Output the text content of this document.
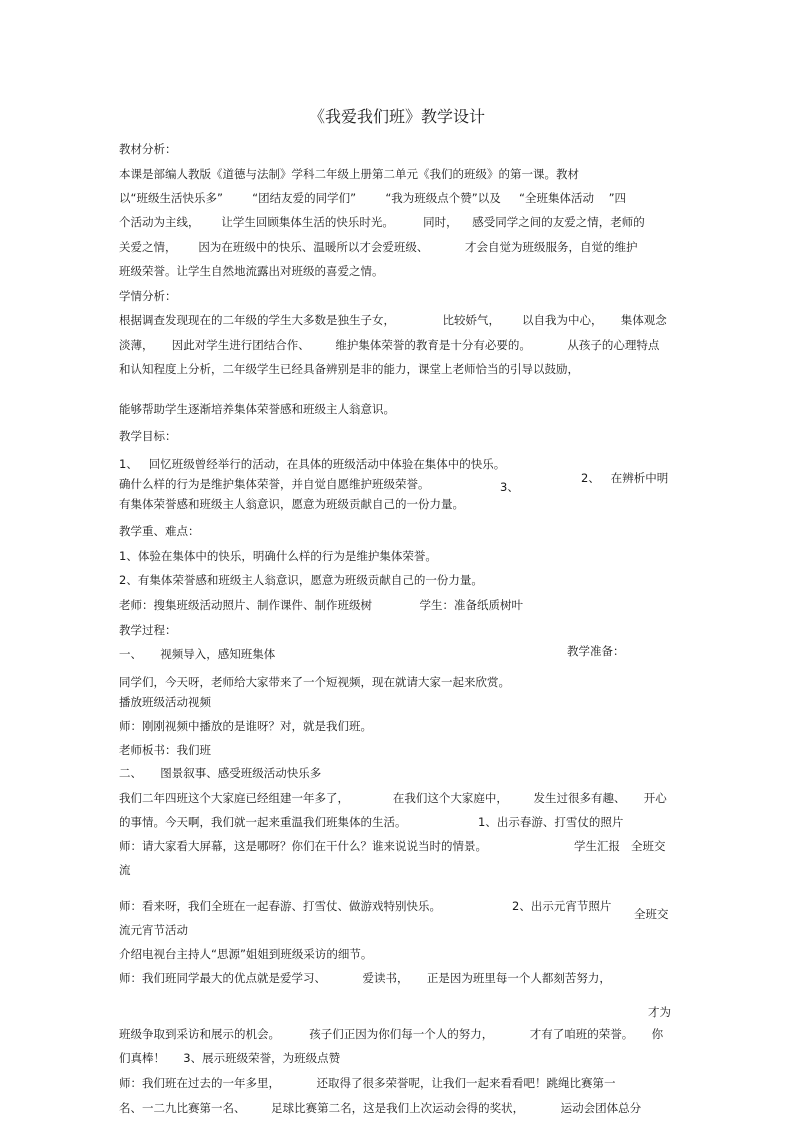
《我爱我们班》教学设计
教材分析：
本课是部编人教版《道德与法制》学科二年级上册第二单元《我们的班级》的第一课。教材
以“班级生活快乐多”        “团结友爱的同学们”        “我为班级点个赞”以及     “全班集体活动    ”四
个活动为主线，      让学生回顾集体生活的快乐时光。        同时，    感受同学之间的友爱之情，老师的
关爱之情，      因为在班级中的快乐、温暖所以才会爱班级、          才会自觉为班级服务，自觉的维护
班级荣誉。让学生自然地流露出对班级的喜爱之情。
学情分析：
根据调查发现现在的二年级的学生大多数是独生子女，             比较娇气，      以自我为中心，     集体观念
淡薄，     因此对学生进行团结合作、       维护集体荣誉的教育是十分有必要的。          从孩子的心理特点
和认知程度上分析，二年级学生已经具备辨别是非的能力，课堂上老师恰当的引导以鼓励，
能够帮助学生逐渐培养集体荣誉感和班级主人翁意识。
教学目标：
1、   回忆班级曾经举行的活动，在具体的班级活动中体验在集体中的快乐。
2、   在辨析中明
确什么样的行为是维护集体荣誉，并自觉自愿维护班级荣誉。	3、
有集体荣誉感和班级主人翁意识，愿意为班级贡献自己的一份力量。
教学重、难点：
1、体验在集体中的快乐，明确什么样的行为是维护集体荣誉。
2、有集体荣誉感和班级主人翁意识，愿意为班级贡献自己的一份力量。
老师：搜集班级活动照片、制作课件、制作班级树             学生：准备纸质树叶
教学过程：
一、     视频导入，感知班集体	教学准备：
同学们，今天呀，老师给大家带来了一个短视频，现在就请大家一起来欣赏。
播放班级活动视频
师：刚刚视频中播放的是谁呀？对，就是我们班。
老师板书：我们班
二、     图景叙事、感受班级活动快乐多
我们二年四班这个大家庭已经组建一年多了，            在我们这个大家庭中，       发生过很多有趣、     开心
的事情。今天啊，我们就一起来重温我们班集体的生活。	1、出示春游、打雪仗的照片
师：请大家看大屏幕，这是哪呀？你们在干什么？谁来说说当时的情景。	学生汇报   全班交
流
师：看来呀，我们全班在一起春游、打雪仗、做游戏特别快乐。	2、出示元宵节照片
全班交
流元宵节活动
介绍电视台主持人“思源”姐姐到班级采访的细节。
师：我们班同学最大的优点就是爱学习、          爱读书，     正是因为班里每一个人都刻苦努力，
才为
班级争取到采访和展示的机会。        孩子们正因为你们每一个人的努力，          才有了咱班的荣誉。     你
们真棒！     3、展示班级荣誉，为班级点赞
师：我们班在过去的一年多里，          还取得了很多荣誉呢，让我们一起来看看吧！跳绳比赛第一
名、一二九比赛第一名、       足球比赛第二名，这是我们上次运动会得的奖状，          运动会团体总分
